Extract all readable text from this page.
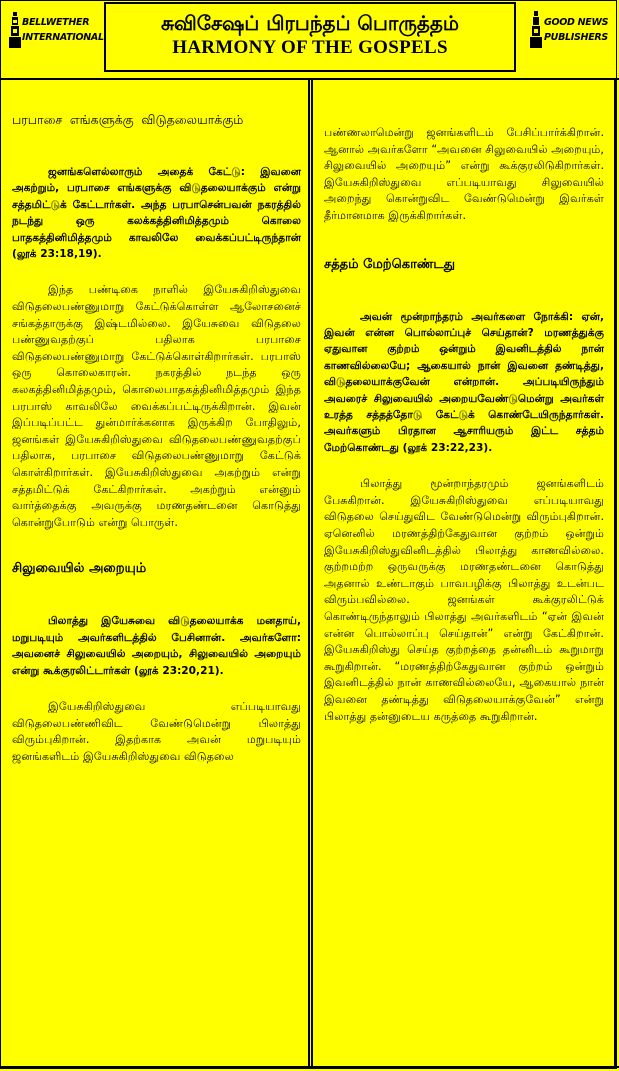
BELLWETHER
INTERNATIONAL
சுவிசேஷப் பிரபந்தப் பொருத்தம்
HARMONY OF THE GOSPELS
GOOD NEWS
PUBLISHERS
பரபாசை எங்களுக்கு விடுதலையாக்கும்

ஜனங்களெல்லாரும் அதைக் கேட்டு: இவனை அகற்றும், பரபாசை எங்களுக்கு விடுதலையாக்கும் என்று சத்தமிட்டுக் கேட்டார்கள். அந்த பரபாசென்பவன் நகரத்தில் நடந்து ஒரு கலக்கத்தினிமித்தமும் கொலை பாதகத்தினிமித்தமும் காவலிலே வைக்கப்பட்டிருந்தான் (லூக் 23:18,19).

இந்த பண்டிகை நாளில் இயேசுகிறிஸ்துவை விடுதலைபண்ணுமாறு கேட்டுக்கொள்ள ஆலோசனைச் சங்கத்தாருக்கு இஷ்டமில்லை. இயேசுவை விடுதலை பண்ணுவதற்குப் பதிலாக பரபாசை விடுதலைபண்ணுமாறு கேட்டுக்கொள்கிறார்கள். பரபாஸ் ஒரு கொலைகாரன். நகரத்தில் நடந்த ஒரு கலகத்தினிமித்தமும், கொலைபாதகத்தினிமித்தமும் இந்த பரபாஸ் காவலிலே வைக்கப்பட்டிருக்கிறான். இவன் இப்படிப்பட்ட துன்மார்க்கனாக இருக்கிற போதிலும், ஜனங்கள் இயேசுகிறிஸ்துவை விடுதலைபண்ணுவதற்குப் பதிலாக, பரபாசை விடுதலைபண்ணுமாறு கேட்டுக் கொள்கிறார்கள். இயேசுகிறிஸ்துவை அகற்றும் என்று சத்தமிட்டுக் கேட்கிறார்கள். அகற்றும் என்னும் வார்த்தைக்கு அவருக்கு மரணதண்டனை கொடுத்து கொன்றுபோடும் என்று பொருள்.

சிலுவையில் அறையும்

பிலாத்து இயேசுவை விடுதலையாக்க மனதாய், மறுபடியும் அவர்களிடத்தில் பேசினான். அவர்களோ: அவனைச் சிலுவையில் அறையும், சிலுவையில் அறையும் என்று கூக்குரலிட்டார்கள் (லூக் 23:20,21).

இயேசுகிறிஸ்துவை எப்படியாவது விடுதலைபண்ணிவிட வேண்டுமென்று பிலாத்து விரும்புகிறான். இதற்காக அவன் மறுபடியும் ஜனங்களிடம் இயேசுகிறிஸ்துவை விடுதலை

பண்ணலாமென்று ஜனங்களிடம் பேசிப்பார்க்கிறான். ஆனால் அவர்களோ “அவனை சிலுவையில் அறையும், சிலுவையில் அறையும்” என்று கூக்குரலிடுகிறார்கள். இயேசுகிறிஸ்துவை எப்படியாவது சிலுவையில் அறைந்து கொன்றுவிட வேண்டுமென்று இவர்கள் தீர்மானமாக இருக்கிறார்கள்.

சத்தம் மேற்கொண்டது

அவன் மூன்றாந்தரம் அவர்களை நோக்கி: ஏன், இவன் என்ன பொல்லாப்புச் செய்தான்? மரணத்துக்கு ஏதுவான குற்றம் ஒன்றும் இவனிடத்தில் நான் காணவில்லையே; ஆகையால் நான் இவனை தண்டித்து, விடுதலையாக்குவேன் என்றான். அப்படியிருந்தும் அவரைச் சிலுவையில் அறையவேண்டுமென்று அவர்கள் உரத்த சத்தத்தோடு கேட்டுக் கொண்டேயிருந்தார்கள். அவர்களும் பிரதான ஆசாரியரும் இட்ட சத்தம் மேற்கொண்டது (லூக் 23:22,23).

பிலாத்து மூன்றாந்தரமும் ஜனங்களிடம் பேசுகிறான். இயேசுகிறிஸ்துவை எப்படியாவது விடுதலை செய்துவிட வேண்டுமென்று விரும்புகிறான். ஏனெனில் மரணத்திற்கேதுவான குற்றம் ஒன்றும் இயேசுகிறிஸ்துவினிடத்தில் பிலாத்து காணவில்லை. குற்றமற்ற ஒருவருக்கு மரணதண்டனை கொடுத்து அதனால் உண்டாகும் பாவபழிக்கு பிலாத்து உடன்பட விரும்பவில்லை. ஜனங்கள் கூக்குரலிட்டுக் கொண்டிருந்தாலும் பிலாத்து அவர்களிடம் “ஏன் இவன் என்ன பொல்லாப்பு செய்தான்” என்று கேட்கிறான். இயேசுகிறிஸ்து செய்த குற்றத்தை தன்னிடம் கூறுமாறு கூறுகிறான். “மரணத்திற்கேதுவான குற்றம் ஒன்றும் இவனிடத்தில் நான் காணவில்லையே, ஆகையால் நான் இவனை தண்டித்து விடுதலையாக்குவேன்” என்று பிலாத்து தன்னுடைய கருத்தை கூறுகிறான்.
